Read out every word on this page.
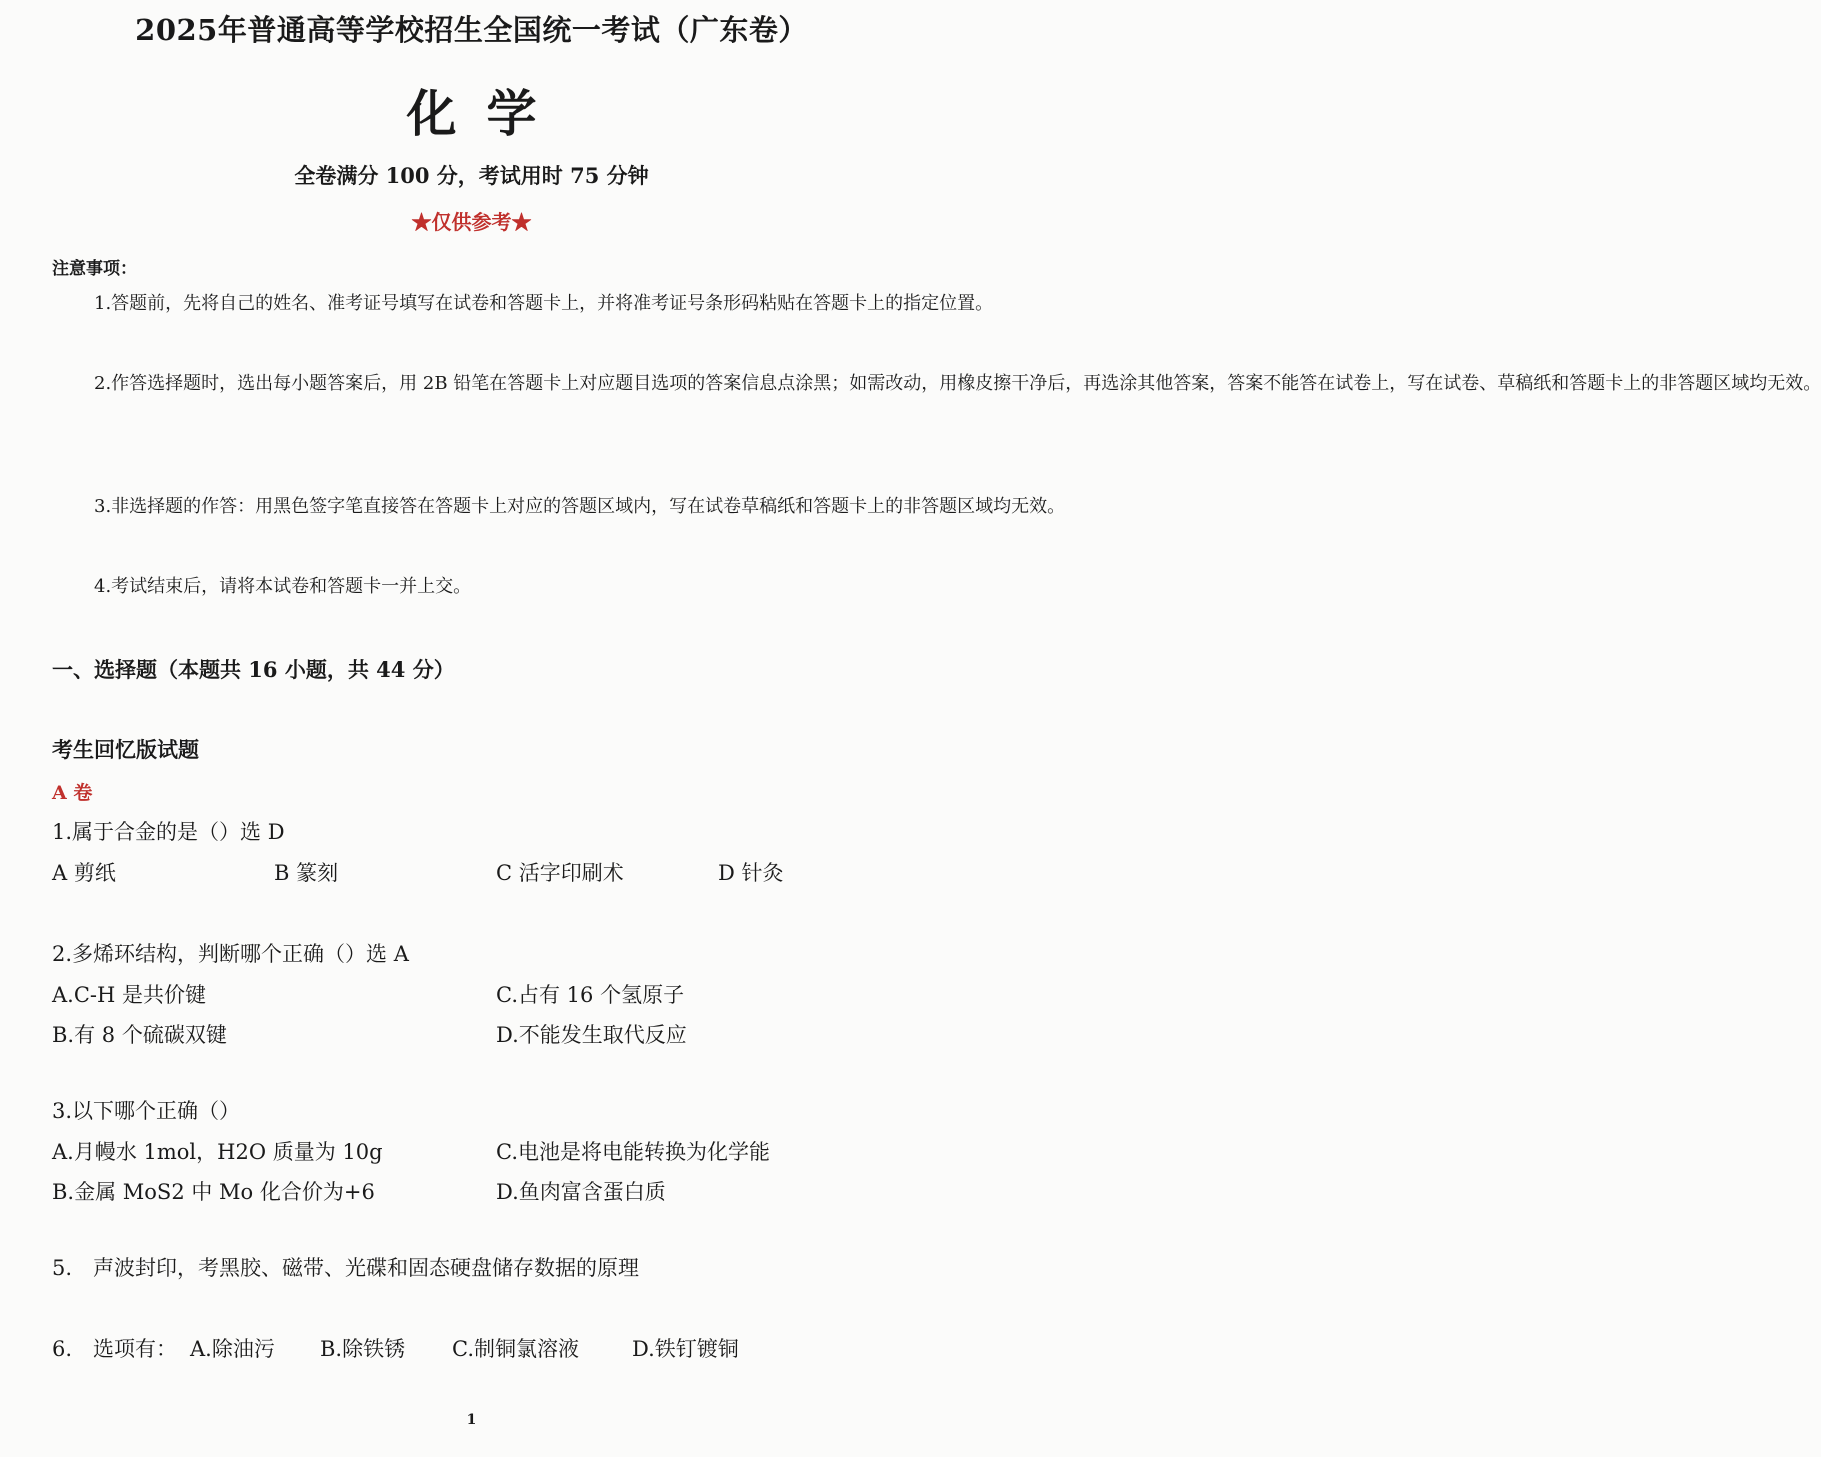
2025年普通高等学校招生全国统一考试（广东卷）
化学
全卷满分 100 分，考试用时 75 分钟
★仅供参考★
注意事项：

1.答题前，先将自己的姓名、准考证号填写在试卷和答题卡上，并将准考证号条形码粘贴在答题卡上的指定位置。

2.作答选择题时，选出每小题答案后，用 2B 铅笔在答题卡上对应题目选项的答案信息点涂黑；如需改动，用橡皮擦干净后，再选涂其他答案，答案不能答在试卷上，写在试卷、草稿纸和答题卡上的非答题区域均无效。

3.非选择题的作答：用黑色签字笔直接答在答题卡上对应的答题区域内，写在试卷草稿纸和答题卡上的非答题区域均无效。

4.考试结束后，请将本试卷和答题卡一并上交。

一、选择题（本题共 16 小题，共 44 分）
考生回忆版试题
A 卷
1.属于合金的是（）选 D
A 剪纸	B 篆刻	C 活字印刷术	D 针灸
2.多烯环结构，判断哪个正确（）选 A
A.C-H 是共价键	C.占有 16 个氢原子
B.有 8 个硫碳双键	D.不能发生取代反应
3.以下哪个正确（）
A.月幔水 1mol，H2O 质量为 10g	C.电池是将电能转换为化学能
B.金属 MoS2 中 Mo 化合价为+6	D.鱼肉富含蛋白质
5.　声波封印，考黑胶、磁带、光碟和固态硬盘储存数据的原理
6.　选项有： A.除油污 B.除铁锈 C.制铜氯溶液	D.铁钉镀铜
1
